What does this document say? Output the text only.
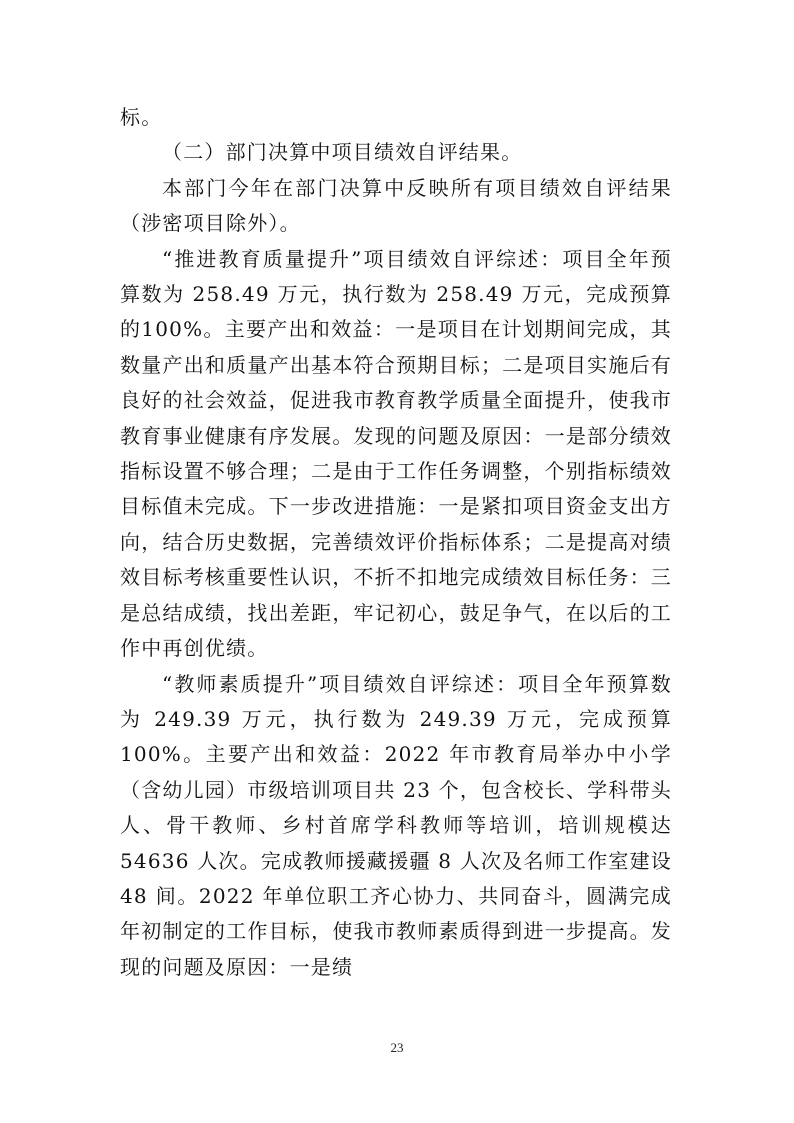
标。

（二）部门决算中项目绩效自评结果。

本部门今年在部门决算中反映所有项目绩效自评结果（涉密项目除外）。

“推进教育质量提升”项目绩效自评综述：项目全年预算数为 258.49 万元，执行数为 258.49 万元，完成预算的100%。主要产出和效益：一是项目在计划期间完成，其数量产出和质量产出基本符合预期目标；二是项目实施后有良好的社会效益，促进我市教育教学质量全面提升，使我市教育事业健康有序发展。发现的问题及原因：一是部分绩效指标设置不够合理；二是由于工作任务调整，个别指标绩效目标值未完成。下一步改进措施：一是紧扣项目资金支出方向，结合历史数据，完善绩效评价指标体系；二是提高对绩效目标考核重要性认识，不折不扣地完成绩效目标任务：三是总结成绩，找出差距，牢记初心，鼓足争气，在以后的工作中再创优绩。

“教师素质提升”项目绩效自评综述：项目全年预算数为 249.39 万元，执行数为 249.39 万元，完成预算 100%。主要产出和效益：2022 年市教育局举办中小学（含幼儿园）市级培训项目共 23 个，包含校长、学科带头人、骨干教师、乡村首席学科教师等培训，培训规模达 54636 人次。完成教师援藏援疆 8 人次及名师工作室建设 48 间。2022 年单位职工齐心协力、共同奋斗，圆满完成年初制定的工作目标，使我市教师素质得到进一步提高。发现的问题及原因：一是绩

23
